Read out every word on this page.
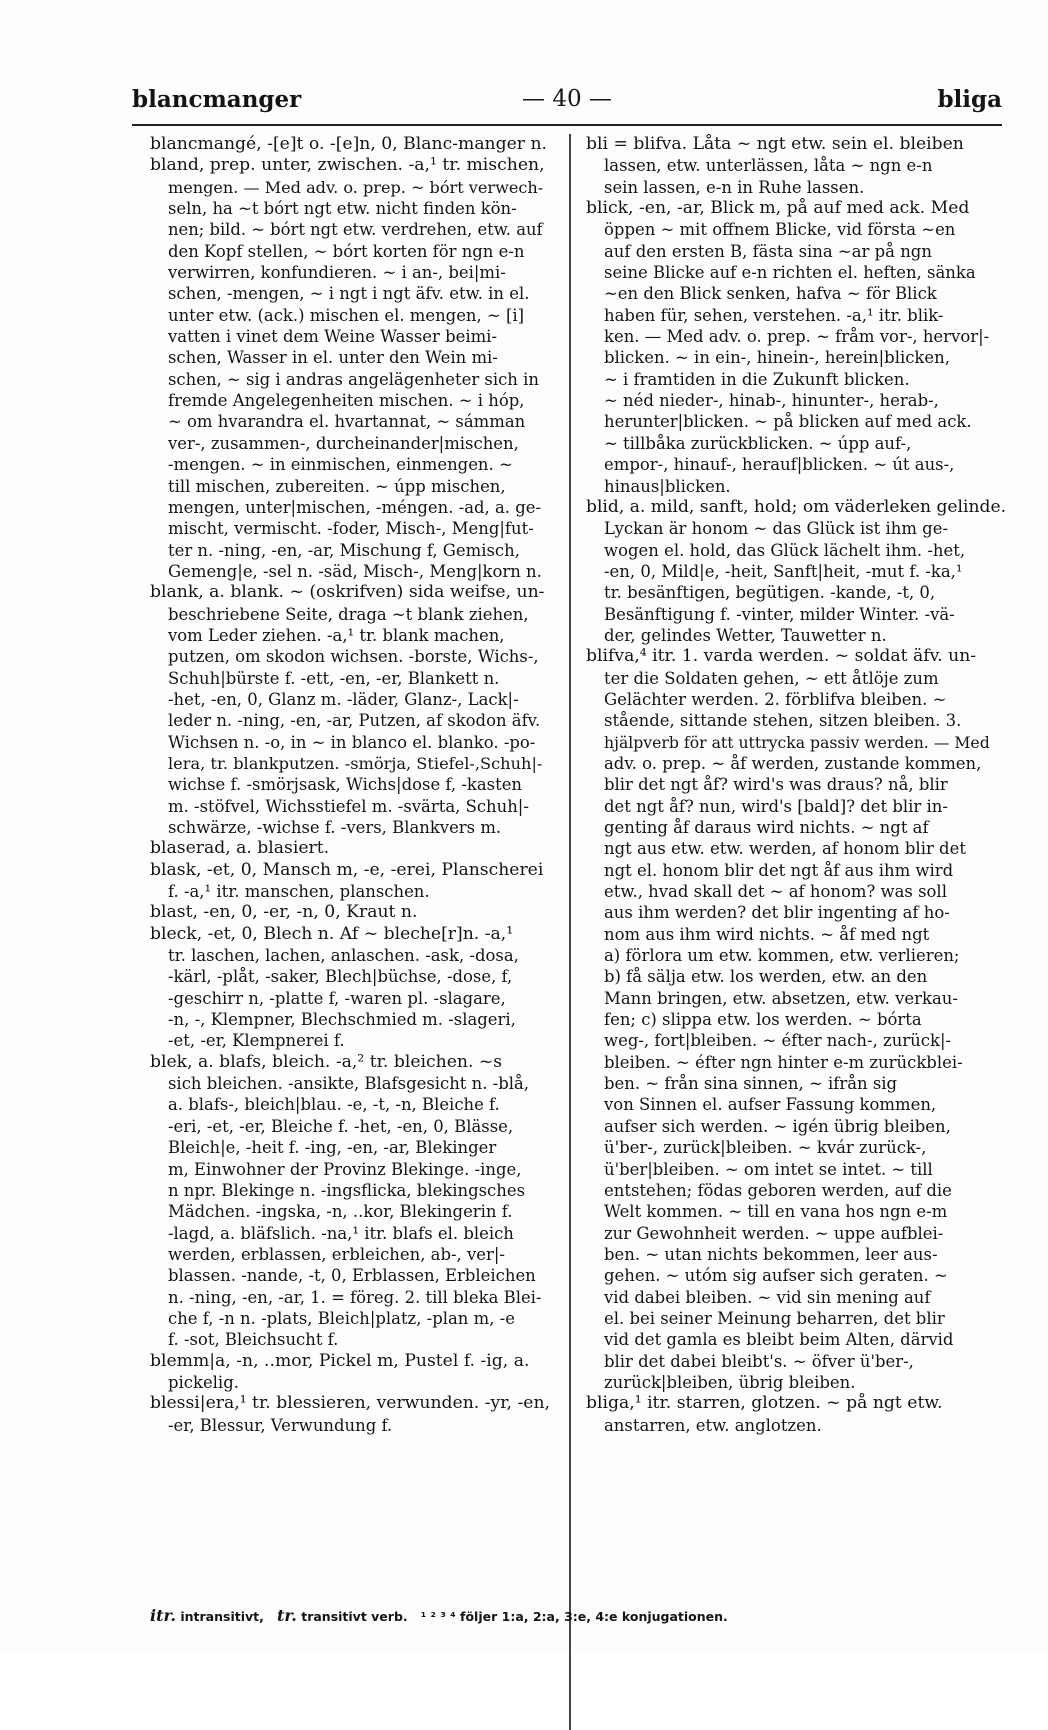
blancmanger	— 40 —	bliga
blancmangé, -[e]t o. -[e]n, 0, Blanc-manger n.
bland, prep. unter, zwischen. -a,¹ tr. mischen,
mengen. — Med adv. o. prep. ~ bórt verwech-
seln, ha ~t bórt ngt etw. nicht finden kön-
nen; bild. ~ bórt ngt etw. verdrehen, etw. auf
den Kopf stellen, ~ bórt korten för ngn e-n
verwirren, konfundieren. ~ i an-, bei|mi-
schen, -mengen, ~ i ngt i ngt äfv. etw. in el.
unter etw. (ack.) mischen el. mengen, ~ [i]
vatten i vinet dem Weine Wasser beimi-
schen, Wasser in el. unter den Wein mi-
schen, ~ sig i andras angelägenheter sich in
fremde Angelegenheiten mischen. ~ i hóp,
~ om hvarandra el. hvartannat, ~ sámman
ver-, zusammen-, durcheinander|mischen,
-mengen. ~ in einmischen, einmengen. ~
till mischen, zubereiten. ~ úpp mischen,
mengen, unter|mischen, -méngen. -ad, a. ge-
mischt, vermischt. -foder, Misch-, Meng|fut-
ter n. -ning, -en, -ar, Mischung f, Gemisch,
Gemeng|e, -sel n. -säd, Misch-, Meng|korn n.
blank, a. blank. ~ (oskrifven) sida weifse, un-
beschriebene Seite, draga ~t blank ziehen,
vom Leder ziehen. -a,¹ tr. blank machen,
putzen, om skodon wichsen. -borste, Wichs-,
Schuh|bürste f. -ett, -en, -er, Blankett n.
-het, -en, 0, Glanz m. -läder, Glanz-, Lack|-
leder n. -ning, -en, -ar, Putzen, af skodon äfv.
Wichsen n. -o, in ~ in blanco el. blanko. -po-
lera, tr. blankputzen. -smörja, Stiefel-,Schuh|-
wichse f. -smörjsask, Wichs|dose f, -kasten
m. -stöfvel, Wichsstiefel m. -svärta, Schuh|-
schwärze, -wichse f. -vers, Blankvers m.
blaserad, a. blasiert.
blask, -et, 0, Mansch m, -e, -erei, Planscherei
f. -a,¹ itr. manschen, planschen.
blast, -en, 0, -er, -n, 0, Kraut n.
bleck, -et, 0, Blech n. Af ~ bleche[r]n. -a,¹
tr. laschen, lachen, anlaschen. -ask, -dosa,
-kärl, -plåt, -saker, Blech|büchse, -dose, f,
-geschirr n, -platte f, -waren pl. -slagare,
-n, -, Klempner, Blechschmied m. -slageri,
-et, -er, Klempnerei f.
blek, a. blafs, bleich. -a,² tr. bleichen. ~s
sich bleichen. -ansikte, Blafsgesicht n. -blå,
a. blafs-, bleich|blau. -e, -t, -n, Bleiche f.
-eri, -et, -er, Bleiche f. -het, -en, 0, Blässe,
Bleich|e, -heit f. -ing, -en, -ar, Blekinger
m, Einwohner der Provinz Blekinge. -inge,
n npr. Blekinge n. -ingsflicka, blekingsches
Mädchen. -ingska, -n, ..kor, Blekingerin f.
-lagd, a. bläfslich. -na,¹ itr. blafs el. bleich
werden, erblassen, erbleichen, ab-, ver|-
blassen. -nande, -t, 0, Erblassen, Erbleichen
n. -ning, -en, -ar, 1. = föreg. 2. till bleka Blei-
che f, -n n. -plats, Bleich|platz, -plan m, -e
f. -sot, Bleichsucht f.
blemm|a, -n, ..mor, Pickel m, Pustel f. -ig, a.
pickelig.
blessi|era,¹ tr. blessieren, verwunden. -yr, -en,
-er, Blessur, Verwundung f.
bli = blifva. Låta ~ ngt etw. sein el. bleiben
lassen, etw. unterlässen, låta ~ ngn e-n
sein lassen, e-n in Ruhe lassen.
blick, -en, -ar, Blick m, på auf med ack. Med
öppen ~ mit offnem Blicke, vid första ~en
auf den ersten B, fästa sina ~ar på ngn
seine Blicke auf e-n richten el. heften, sänka
~en den Blick senken, hafva ~ för Blick
haben für, sehen, verstehen. -a,¹ itr. blik-
ken. — Med adv. o. prep. ~ fråm vor-, hervor|-
blicken. ~ in ein-, hinein-, herein|blicken,
~ i framtiden in die Zukunft blicken.
~ néd nieder-, hinab-, hinunter-, herab-,
herunter|blicken. ~ på blicken auf med ack.
~ tillbåka zurückblicken. ~ úpp auf-,
empor-, hinauf-, herauf|blicken. ~ út aus-,
hinaus|blicken.
blid, a. mild, sanft, hold; om väderleken gelinde.
Lyckan är honom ~ das Glück ist ihm ge-
wogen el. hold, das Glück lächelt ihm. -het,
-en, 0, Mild|e, -heit, Sanft|heit, -mut f. -ka,¹
tr. besänftigen, begütigen. -kande, -t, 0,
Besänftigung f. -vinter, milder Winter. -vä-
der, gelindes Wetter, Tauwetter n.
blifva,⁴ itr. 1. varda werden. ~ soldat äfv. un-
ter die Soldaten gehen, ~ ett åtlöje zum
Gelächter werden. 2. förblifva bleiben. ~
stående, sittande stehen, sitzen bleiben. 3.
hjälpverb för att uttrycka passiv werden. — Med
adv. o. prep. ~ åf werden, zustande kommen,
blir det ngt åf? wird's was draus? nå, blir
det ngt åf? nun, wird's [bald]? det blir in-
genting åf daraus wird nichts. ~ ngt af
ngt aus etw. etw. werden, af honom blir det
ngt el. honom blir det ngt åf aus ihm wird
etw., hvad skall det ~ af honom? was soll
aus ihm werden? det blir ingenting af ho-
nom aus ihm wird nichts. ~ åf med ngt
a) förlora um etw. kommen, etw. verlieren;
b) få sälja etw. los werden, etw. an den
Mann bringen, etw. absetzen, etw. verkau-
fen; c) slippa etw. los werden. ~ bórta
weg-, fort|bleiben. ~ éfter nach-, zurück|-
bleiben. ~ éfter ngn hinter e-m zurückblei-
ben. ~ från sina sinnen, ~ ifrån sig
von Sinnen el. aufser Fassung kommen,
aufser sich werden. ~ igén übrig bleiben,
ü'ber-, zurück|bleiben. ~ kvár zurück-,
ü'ber|bleiben. ~ om intet se intet. ~ till
entstehen; födas geboren werden, auf die
Welt kommen. ~ till en vana hos ngn e-m
zur Gewohnheit werden. ~ uppe aufblei-
ben. ~ utan nichts bekommen, leer aus-
gehen. ~ utóm sig aufser sich geraten. ~
vid dabei bleiben. ~ vid sin mening auf
el. bei seiner Meinung beharren, det blir
vid det gamla es bleibt beim Alten, därvid
blir det dabei bleibt's. ~ öfver ü'ber-,
zurück|bleiben, übrig bleiben.
bliga,¹ itr. starren, glotzen. ~ på ngt etw.
anstarren, etw. anglotzen.
itr. intransitivt, tr. transitivt verb. ¹ ² ³ ⁴ följer 1:a, 2:a, 3:e, 4:e konjugationen.
